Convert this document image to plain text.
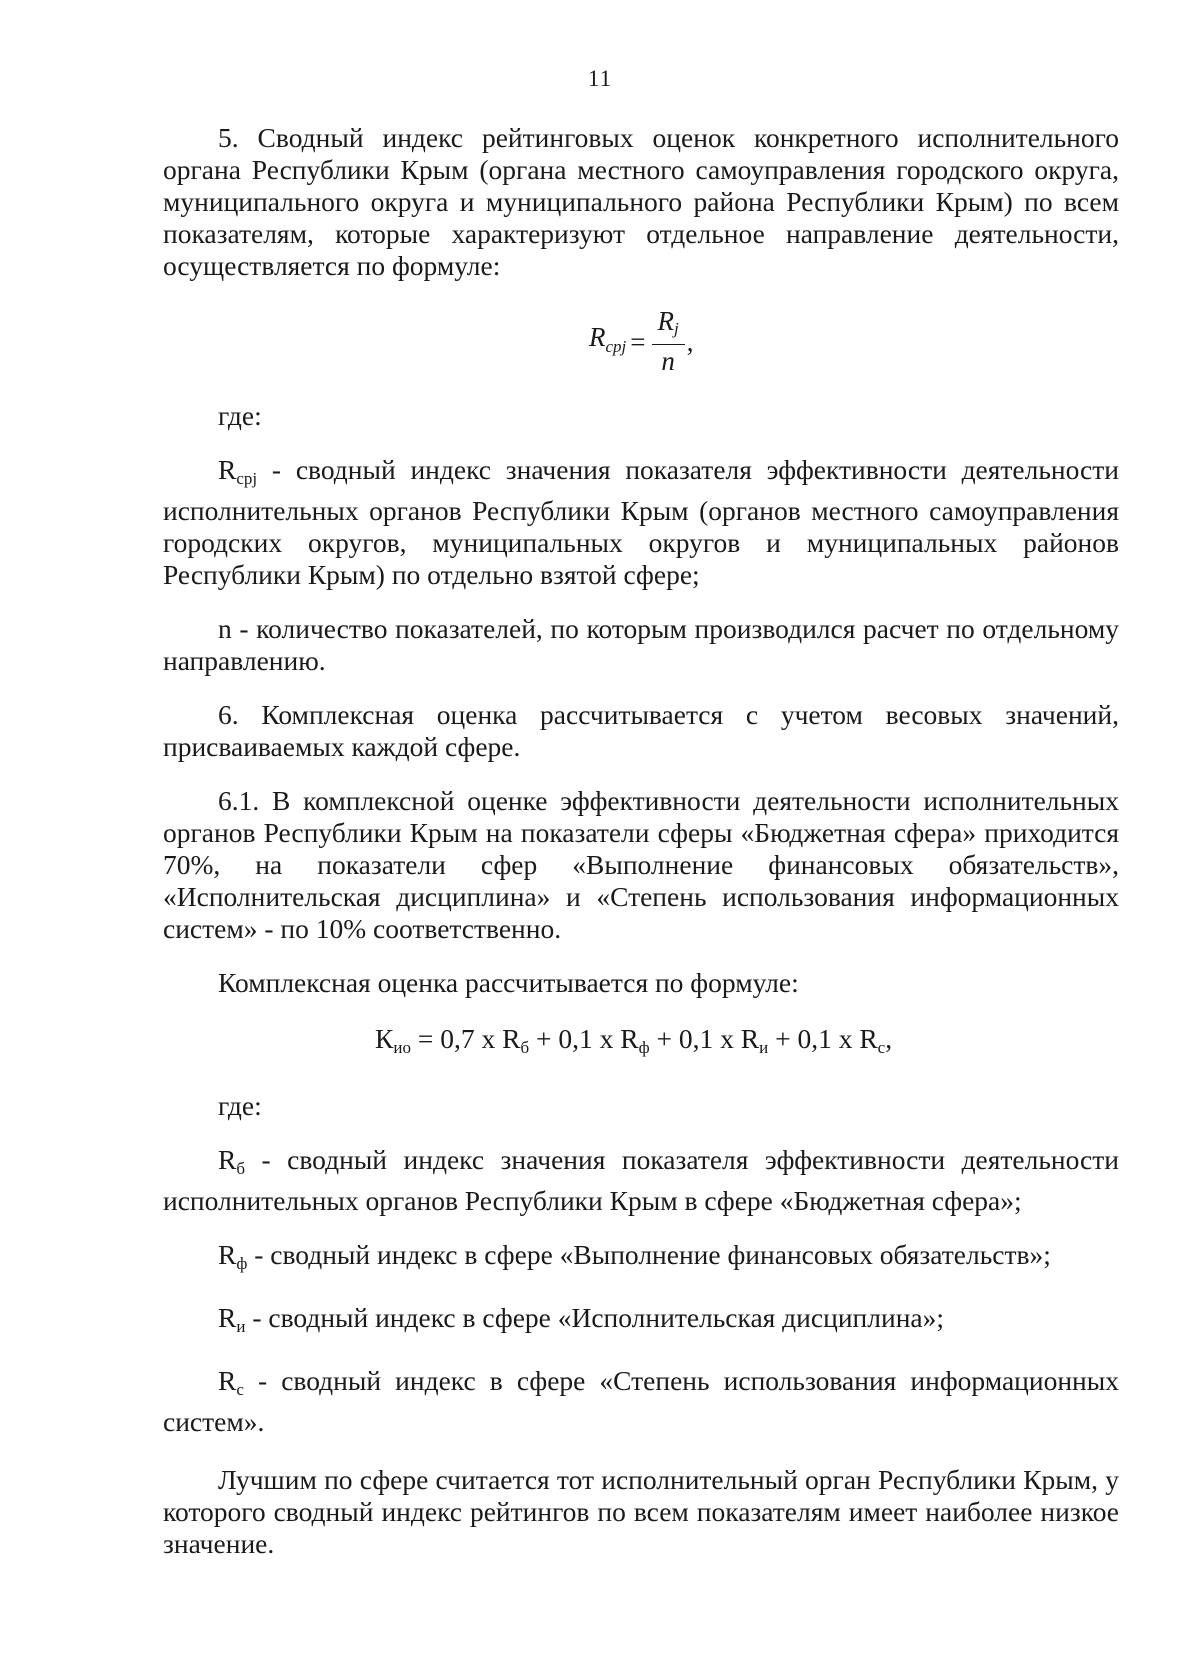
11

5. Сводный индекс рейтинговых оценок конкретного исполнительного органа Республики Крым (органа местного самоуправления городского округа, муниципального округа и муниципального района Республики Крым) по всем показателям, которые характеризуют отдельное направление деятельности, осуществляется по формуле:

$R_{cpj} = \frac{Rj}{n}$ ,

где:

Rcpj - сводный индекс значения показателя эффективности деятельности исполнительных органов Республики Крым (органов местного самоуправления городских округов, муниципальных округов и муниципальных районов Республики Крым) по отдельно взятой сфере;

n - количество показателей, по которым производился расчет по отдельному направлению.

6. Комплексная оценка рассчитывается с учетом весовых значений, присваиваемых каждой сфере.

6.1. В комплексной оценке эффективности деятельности исполнительных органов Республики Крым на показатели сферы «Бюджетная сфера» приходится 70%, на показатели сфер «Выполнение финансовых обязательств», «Исполнительская дисциплина» и «Степень использования информационных систем» - по 10% соответственно.

Комплексная оценка рассчитывается по формуле:

$К_{ио} = 0,7$ x $R_б + 0,1$ x $R_ф + 0,1$ x $R_и + 0,1$ x $R_с$,

где:

Rб - сводный индекс значения показателя эффективности деятельности исполнительных органов Республики Крым в сфере «Бюджетная сфера»;

Rф - сводный индекс в сфере «Выполнение финансовых обязательств»;

Rи - сводный индекс в сфере «Исполнительская дисциплина»;

Rс - сводный индекс в сфере «Степень использования информационных систем».

Лучшим по сфере считается тот исполнительный орган Республики Крым, у которого сводный индекс рейтингов по всем показателям имеет наиболее низкое значение.
